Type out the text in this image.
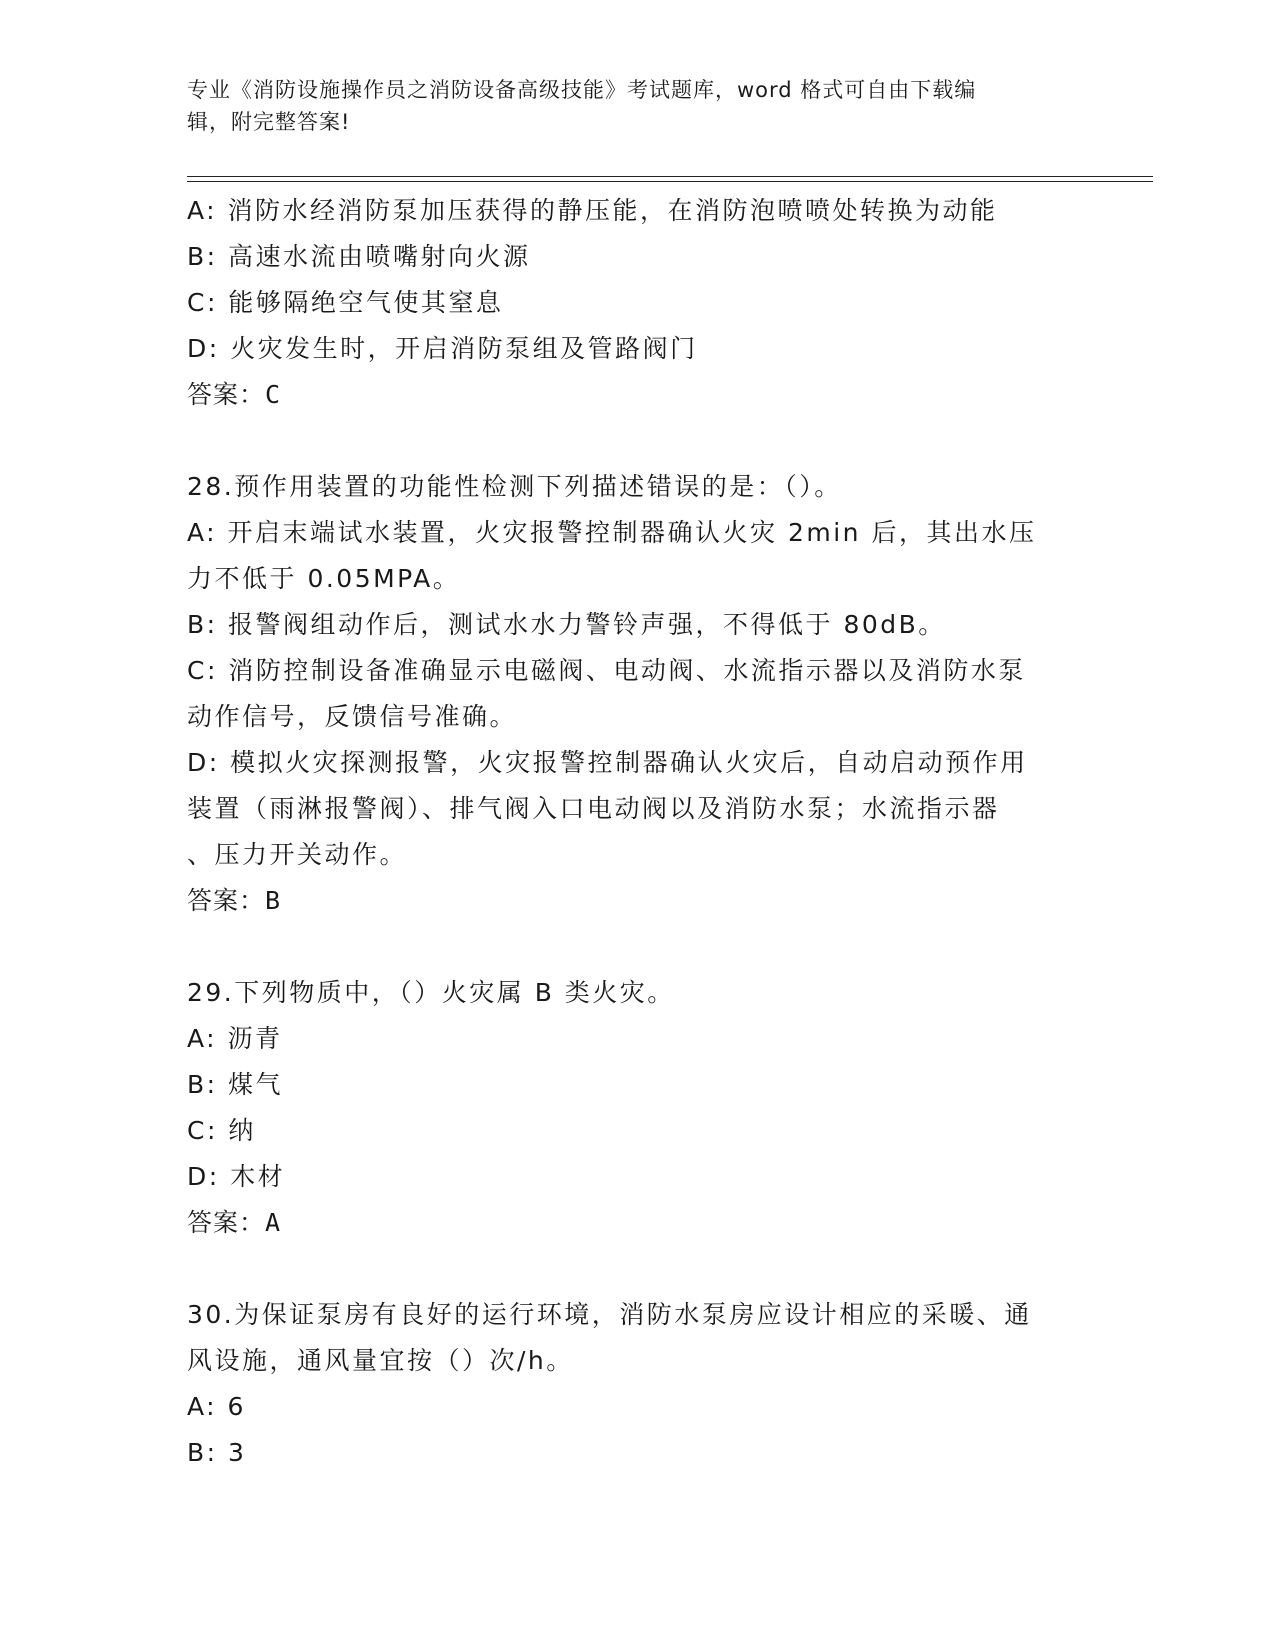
专业《消防设施操作员之消防设备高级技能》考试题库，word 格式可自由下载编
辑，附完整答案!
A: 消防水经消防泵加压获得的静压能，在消防泡喷喷处转换为动能
B: 高速水流由喷嘴射向火源
C: 能够隔绝空气使其窒息
D: 火灾发生时，开启消防泵组及管路阀门
答案：C
28.预作用装置的功能性检测下列描述错误的是：（）。
A: 开启末端试水装置，火灾报警控制器确认火灾 2min 后，其出水压
力不低于 0.05MPA。
B: 报警阀组动作后，测试水水力警铃声强，不得低于 80dB。
C: 消防控制设备准确显示电磁阀、电动阀、水流指示器以及消防水泵
动作信号，反馈信号准确。
D: 模拟火灾探测报警，火灾报警控制器确认火灾后，自动启动预作用
装置（雨淋报警阀）、排气阀入口电动阀以及消防水泵；水流指示器
、压力开关动作。
答案：B
29.下列物质中，（）火灾属 B 类火灾。
A: 沥青
B: 煤气
C: 纳
D: 木材
答案：A
30.为保证泵房有良好的运行环境，消防水泵房应设计相应的采暖、通
风设施，通风量宜按（）次/h。
A: 6
B: 3
